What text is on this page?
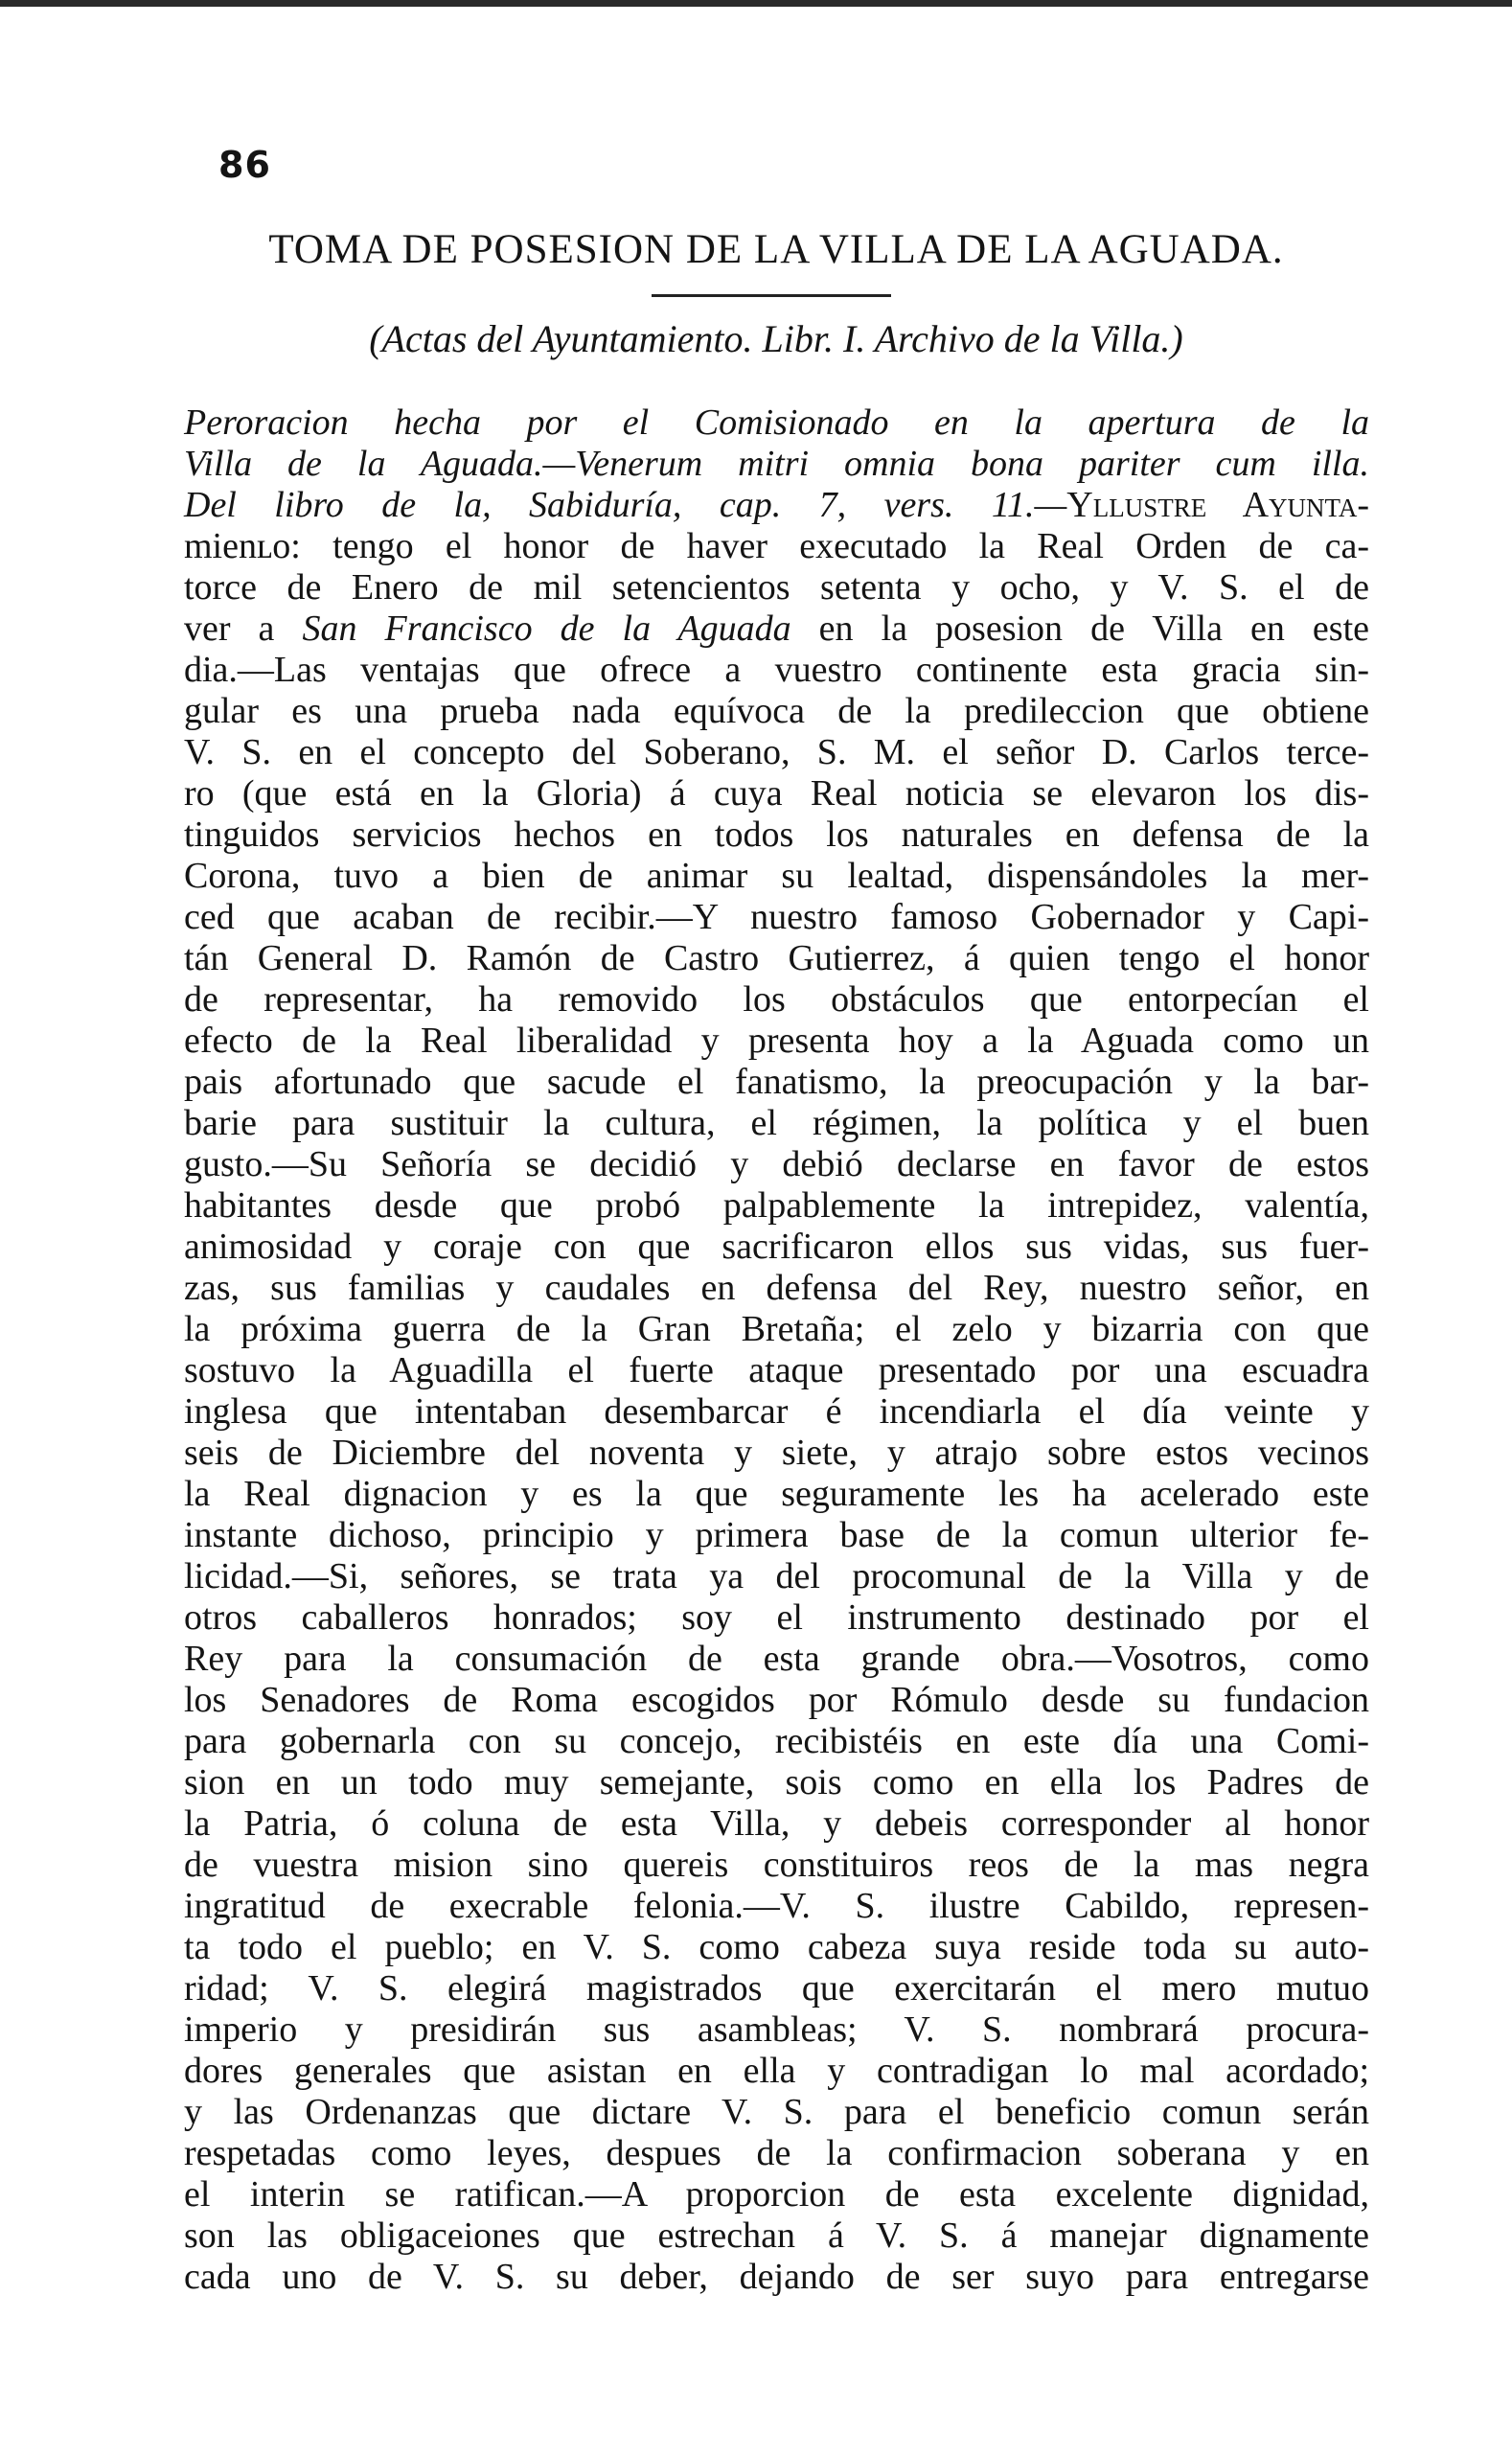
86
TOMA DE POSESION DE LA VILLA DE LA AGUADA.
(Actas del Ayuntamiento. Libr. I. Archivo de la Villa.)
Peroracion hecha por el Comisionado en la apertura de la
Villa de la Aguada.—Venerum mitri omnia bona pariter cum illa.
Del libro de la, Sabiduría, cap. 7, vers. 11.—Yllustre Ayunta-
mienʟo: tengo el honor de haver executado la Real Orden de ca-
torce de Enero de mil setencientos setenta y ocho, y V. S. el de
ver a San Francisco de la Aguada en la posesion de Villa en este
dia.—Las ventajas que ofrece a vuestro continente esta gracia sin-
gular es una prueba nada equívoca de la predileccion que obtiene
V. S. en el concepto del Soberano, S. M. el señor D. Carlos terce-
ro (que está en la Gloria) á cuya Real noticia se elevaron los dis-
tinguidos servicios hechos en todos los naturales en defensa de la
Corona, tuvo a bien de animar su lealtad, dispensándoles la mer-
ced que acaban de recibir.—Y nuestro famoso Gobernador y Capi-
tán General D. Ramón de Castro Gutierrez, á quien tengo el honor
de representar, ha removido los obstáculos que entorpecían el
efecto de la Real liberalidad y presenta hoy a la Aguada como un
pais afortunado que sacude el fanatismo, la preocupación y la bar-
barie para sustituir la cultura, el régimen, la política y el buen
gusto.—Su Señoría se decidió y debió declarse en favor de estos
habitantes desde que probó palpablemente la intrepidez, valentía,
animosidad y coraje con que sacrificaron ellos sus vidas, sus fuer-
zas, sus familias y caudales en defensa del Rey, nuestro señor, en
la próxima guerra de la Gran Bretaña; el zelo y bizarria con que
sostuvo la Aguadilla el fuerte ataque presentado por una escuadra
inglesa que intentaban desembarcar é incendiarla el día veinte y
seis de Diciembre del noventa y siete, y atrajo sobre estos vecinos
la Real dignacion y es la que seguramente les ha acelerado este
instante dichoso, principio y primera base de la comun ulterior fe-
licidad.—Si, señores, se trata ya del procomunal de la Villa y de
otros caballeros honrados; soy el instrumento destinado por el
Rey para la consumación de esta grande obra.—Vosotros, como
los Senadores de Roma escogidos por Rómulo desde su fundacion
para gobernarla con su concejo, recibistéis en este día una Comi-
sion en un todo muy semejante, sois como en ella los Padres de
la Patria, ó coluna de esta Villa, y debeis corresponder al honor
de vuestra mision sino quereis constituiros reos de la mas negra
ingratitud de execrable felonia.—V. S. ilustre Cabildo, represen-
ta todo el pueblo; en V. S. como cabeza suya reside toda su auto-
ridad; V. S. elegirá magistrados que exercitarán el mero mutuo
imperio y presidirán sus asambleas; V. S. nombrará procura-
dores generales que asistan en ella y contradigan lo mal acordado;
y las Ordenanzas que dictare V. S. para el beneficio comun serán
respetadas como leyes, despues de la confirmacion soberana y en
el interin se ratifican.—A proporcion de esta excelente dignidad,
son las obligaceiones que estrechan á V. S. á manejar dignamente
cada uno de V. S. su deber, dejando de ser suyo para entregarse
